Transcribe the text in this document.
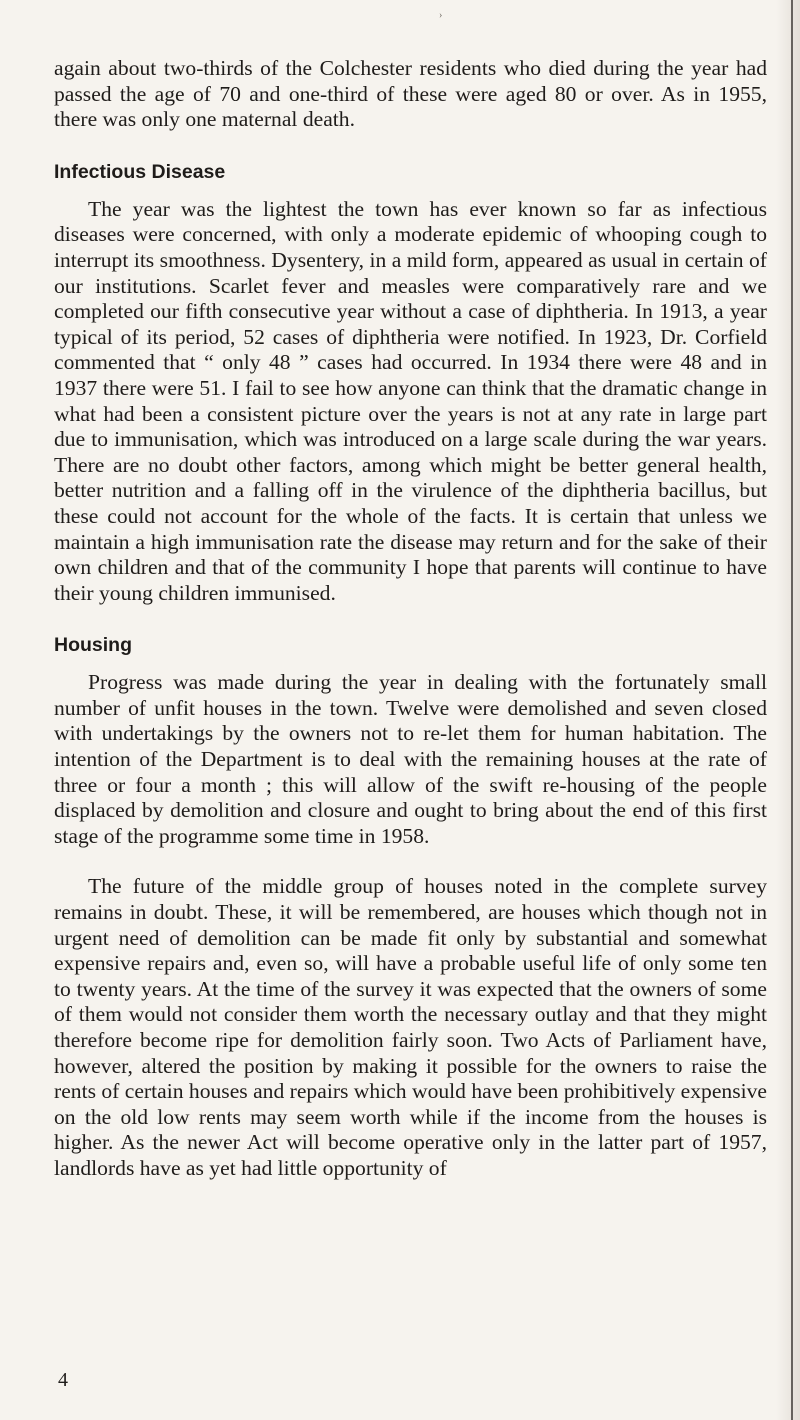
›

again about two-thirds of the Colchester residents who died during the year had passed the age of 70 and one-third of these were aged 80 or over. As in 1955, there was only one maternal death.

Infectious Disease

The year was the lightest the town has ever known so far as infectious diseases were concerned, with only a moderate epidemic of whooping cough to interrupt its smoothness. Dysentery, in a mild form, appeared as usual in certain of our institutions. Scarlet fever and measles were comparatively rare and we completed our fifth consecutive year without a case of diphtheria. In 1913, a year typical of its period, 52 cases of diphtheria were notified. In 1923, Dr. Corfield commented that “ only 48 ” cases had occurred. In 1934 there were 48 and in 1937 there were 51. I fail to see how anyone can think that the dramatic change in what had been a consistent picture over the years is not at any rate in large part due to immunisation, which was introduced on a large scale during the war years. There are no doubt other factors, among which might be better general health, better nutrition and a falling off in the virulence of the diphtheria bacillus, but these could not account for the whole of the facts. It is certain that unless we maintain a high immunisation rate the disease may return and for the sake of their own children and that of the community I hope that parents will continue to have their young children immunised.

Housing

Progress was made during the year in dealing with the fortunately small number of unfit houses in the town. Twelve were demolished and seven closed with undertakings by the owners not to re-let them for human habitation. The intention of the Department is to deal with the remaining houses at the rate of three or four a month ; this will allow of the swift re-housing of the people displaced by demolition and closure and ought to bring about the end of this first stage of the programme some time in 1958.

The future of the middle group of houses noted in the complete survey remains in doubt. These, it will be remembered, are houses which though not in urgent need of demolition can be made fit only by substantial and somewhat expensive repairs and, even so, will have a probable useful life of only some ten to twenty years. At the time of the survey it was expected that the owners of some of them would not consider them worth the necessary outlay and that they might therefore become ripe for demolition fairly soon. Two Acts of Parliament have, however, altered the position by making it possible for the owners to raise the rents of certain houses and repairs which would have been prohibitively expensive on the old low rents may seem worth while if the income from the houses is higher. As the newer Act will become operative only in the latter part of 1957, landlords have as yet had little opportunity of

4
